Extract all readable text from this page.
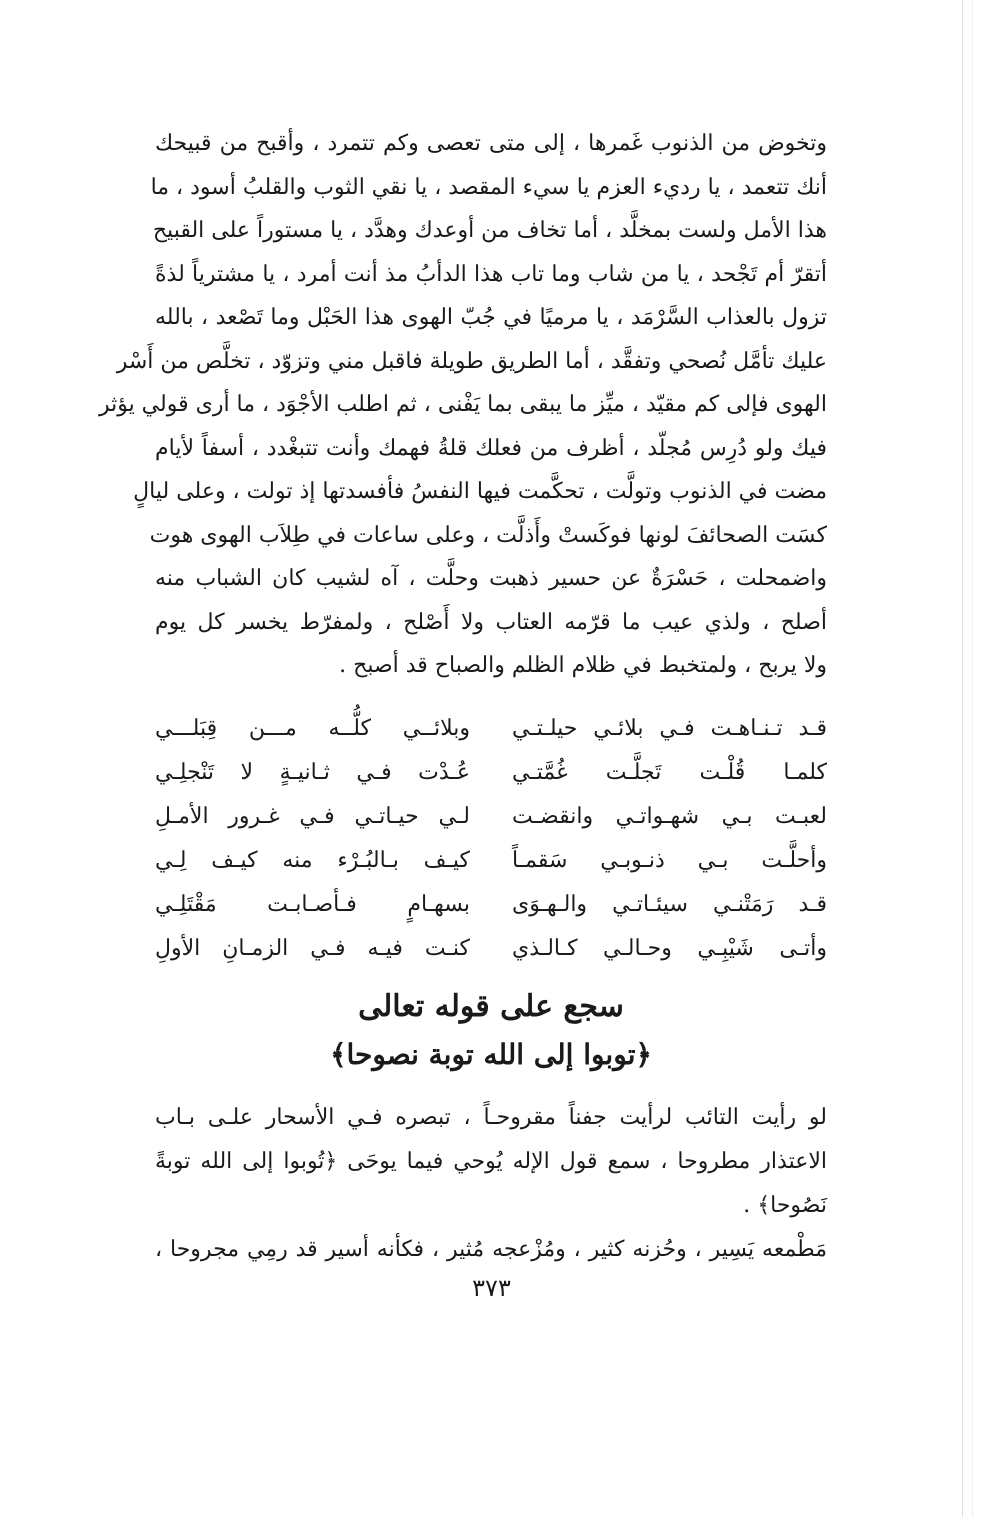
وتخوض من الذنوب غَمرها ، إلى متى تعصى وكم تتمرد ، وأقبح من قبيحك
أنك تتعمد ، يا رديء العزم يا سيء المقصد ، يا نقي الثوب والقلبُ أسود ، ما
هذا الأمل ولست بمخلَّد ، أما تخاف من أوعدك وهدَّد ، يا مستوراً على القبيح
أتقرّ أم تَجْحد ، يا من شاب وما تاب هذا الدأبُ مذ أنت أمرد ، يا مشترياً لذةً
تزول بالعذاب السَّرْمَد ، يا مرميًا في جُبّ الهوى هذا الحَبْل وما تَصْعد ، بالله
عليك تأمَّل نُصحي وتفقَّد ، أما الطريق طويلة فاقبل مني وتزوّد ، تخلَّص من أَسْر
الهوى فإلى كم مقيّد ، ميِّز ما يبقى بما يَفْنى ، ثم اطلب الأجْوَد ، ما أرى قولي يؤثر
فيك ولو دُرِس مُجلّد ، أظرف من فعلك قلةُ فهمك وأنت تتبغْدد ، أسفاً لأيام
مضت في الذنوب وتولَّت ، تحكَّمت فيها النفسُ فأفسدتها إذ تولت ، وعلى ليالٍ
كسَت الصحائفَ لونها فوكَستْ وأَذلَّت ، وعلى ساعات في طِلاَب الهوى هوت
واضمحلت ، حَسْرَةٌ عن حسير ذهبت وحلَّت ، آه لشيب كان الشباب منه
أصلح ، ولذي عيب ما قرّمه العتاب ولا أَصْلح ، ولمفرّط يخسر كل يوم
ولا يربح ، ولمتخبط في ظلام الظلم والصباح قد أصبح .
قـد تـنـاهـت فـي بلائـي حيلـتـي
وبلائــي كلُّــه مـــن قِبَلـــي
كلمـا قُلْـت تَجلَّـت غُمَّتـي
عُـدْت فـي ثـانيـةٍ لا تَنْجلِـي
لعبـت بـي شهـواتـي وانقضـت
لـي حيـاتـي فـي غـرور الأمـلِ
وأحلَّـت بـي ذنـوبـي سَقمـاً
كيـف بـالبُـرْء منه كيـف لِـي
قـد رَمَتْنـي سيئـاتـي والـهـوَى
بسهـامٍ فـأصـابـت مَقْتَلِـي
وأتـى شَيْبِـي وحـالـي كـالـذي
كنـت فيـه فـي الزمـانِ الأولِ
سجع على قوله تعالى
﴿توبوا إلى الله توبة نصوحا﴾
لو رأيت التائب لرأيت جفناً مقروحـاً ، تبصره فـي الأسحار علـى بـاب
الاعتذار مطروحا ، سمع قول الإله يُوحي فيما يوحَى ﴿تُوبوا إلى الله توبةً
نَصُوحا﴾ .
مَطْمعه يَسِير ، وحُزنه كثير ، ومُزْعجه مُثير ، فكأنه أسير قد رمِي مجروحا ،
٣٧٣
